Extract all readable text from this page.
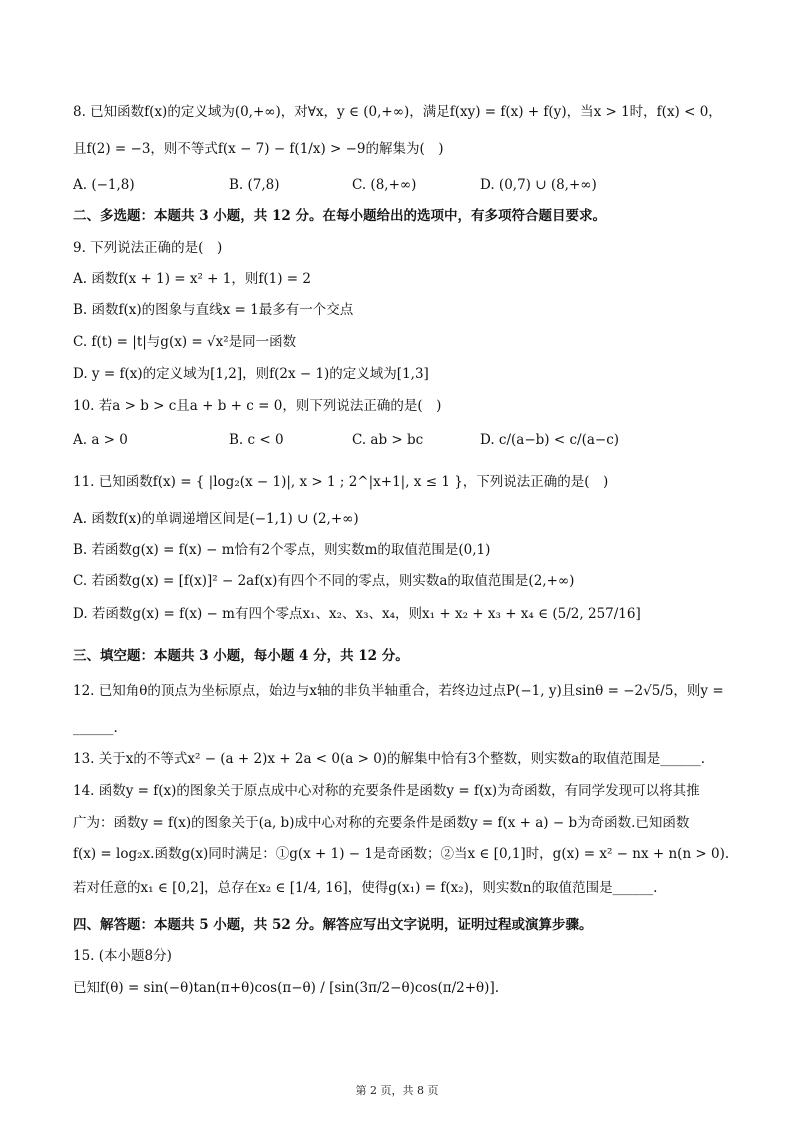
8. 已知函数f(x)的定义域为(0,+∞)，对∀x，y ∈ (0,+∞)，满足f(xy) = f(x) + f(y)，当x > 1时，f(x) < 0，
且f(2) = −3，则不等式f(x − 7) − f(1/x) > −9的解集为(　)
A. (−1,8)	B. (7,8)	C. (8,+∞)	D. (0,7) ∪ (8,+∞)
二、多选题：本题共 3 小题，共 12 分。在每小题给出的选项中，有多项符合题目要求。
9. 下列说法正确的是(　)
A. 函数f(x + 1) = x² + 1，则f(1) = 2
B. 函数f(x)的图象与直线x = 1最多有一个交点
C. f(t) = |t|与g(x) = √x²是同一函数
D. y = f(x)的定义域为[1,2]，则f(2x − 1)的定义域为[1,3]
10. 若a > b > c且a + b + c = 0，则下列说法正确的是(　)
A. a > 0	B. c < 0	C. ab > bc	D. c/(a−b) < c/(a−c)
11. 已知函数f(x) = { |log₂(x − 1)|, x > 1 ; 2^|x+1|, x ≤ 1 }，下列说法正确的是(　)
A. 函数f(x)的单调递增区间是(−1,1) ∪ (2,+∞)
B. 若函数g(x) = f(x) − m恰有2个零点，则实数m的取值范围是(0,1)
C. 若函数g(x) = [f(x)]² − 2af(x)有四个不同的零点，则实数a的取值范围是(2,+∞)
D. 若函数g(x) = f(x) − m有四个零点x₁、x₂、x₃、x₄，则x₁ + x₂ + x₃ + x₄ ∈ (5/2, 257/16]
三、填空题：本题共 3 小题，每小题 4 分，共 12 分。
12. 已知角θ的顶点为坐标原点，始边与x轴的非负半轴重合，若终边过点P(−1, y)且sinθ = −2√5/5，则y =
______.
13. 关于x的不等式x² − (a + 2)x + 2a < 0(a > 0)的解集中恰有3个整数，则实数a的取值范围是______.
14. 函数y = f(x)的图象关于原点成中心对称的充要条件是函数y = f(x)为奇函数，有同学发现可以将其推
广为：函数y = f(x)的图象关于(a, b)成中心对称的充要条件是函数y = f(x + a) − b为奇函数.已知函数
f(x) = log₂x.函数g(x)同时满足：①g(x + 1) − 1是奇函数；②当x ∈ [0,1]时，g(x) = x² − nx + n(n > 0).
若对任意的x₁ ∈ [0,2]，总存在x₂ ∈ [1/4, 16]，使得g(x₁) = f(x₂)，则实数n的取值范围是______.
四、解答题：本题共 5 小题，共 52 分。解答应写出文字说明，证明过程或演算步骤。
15. (本小题8分)
已知f(θ) = sin(−θ)tan(π+θ)cos(π−θ) / [sin(3π/2−θ)cos(π/2+θ)].
第 2 页，共 8 页
